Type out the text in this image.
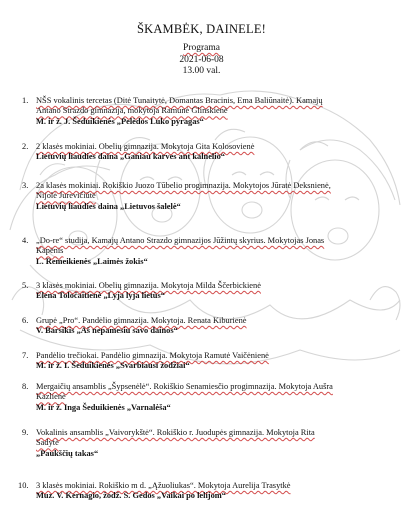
ŠKAMBĖK, DAINELE!
Programa
2021-06-08
13.00 val.
1. NŠS vokalinis tercetas (Ditė Tunaitytė, Domantas Bracinis, Ema Baliūnaitė). Kamajų
Antano Strazdo gimnazija, mokytoja Ramunė Glinskienė
M. ir ž. J. Šeduikienės „Pelėdos Luko pyragas“
2. 2 klasės mokiniai. Obelių gimnazija. Mokytoja Gita Kolosovienė
Lietuvių liaudies daina „Ganiau karves ant kalnelio“
3. 2a klasės mokiniai. Rokiškio Juozo Tūbelio progimnazija. Mokytojos Jūratė Deksnienė,
Nijolė Jurevičiūtė
Lietuvių liaudies daina „Lietuvos šalelė“
4. „Do-re“ studija, Kamajų Antano Strazdo gimnazijos Jūžintų skyrius. Mokytojas Jonas
Kapėnis
L. Remeikienės „Laimės žokis“
5. 3 klasės mokiniai. Obelių gimnazija. Mokytoja Milda Ščerbickienė
Elena Toločaitienė „Lyja lyja lietūs“
6. Grupė „Pro“. Pandėlio gimnazija. Mokytoja. Renata Kiburienė
V. Barsikis „Aš nepamesiu savo dainos“
7. Pandėlio trečiokai. Pandėlio gimnazija. Mokytoja Ramutė Vaičėnienė
M. ir ž. I. Šeduikienės „Svarbiausi žodžiai“
8. Mergaičių ansamblis „Šypsenėlė“. Rokiškio Senamiesčio progimnazija. Mokytoja Aušra
Kazlienė
M. ir ž. Inga Šeduikienės „Varnalėša“
9. Vokalinis ansamblis „Vaivorykštė“. Rokiškio r. Juodupės gimnazija. Mokytoja Rita
Sadytė
„Paukščių takas“
10. 3 klasės mokiniai. Rokiškio m d. „Ąžuoliukas“. Mokytoja Aurelija Trasytkė
Muz. V. Kernagio, žodž. S. Gedos „Vaikai po lelijom“
